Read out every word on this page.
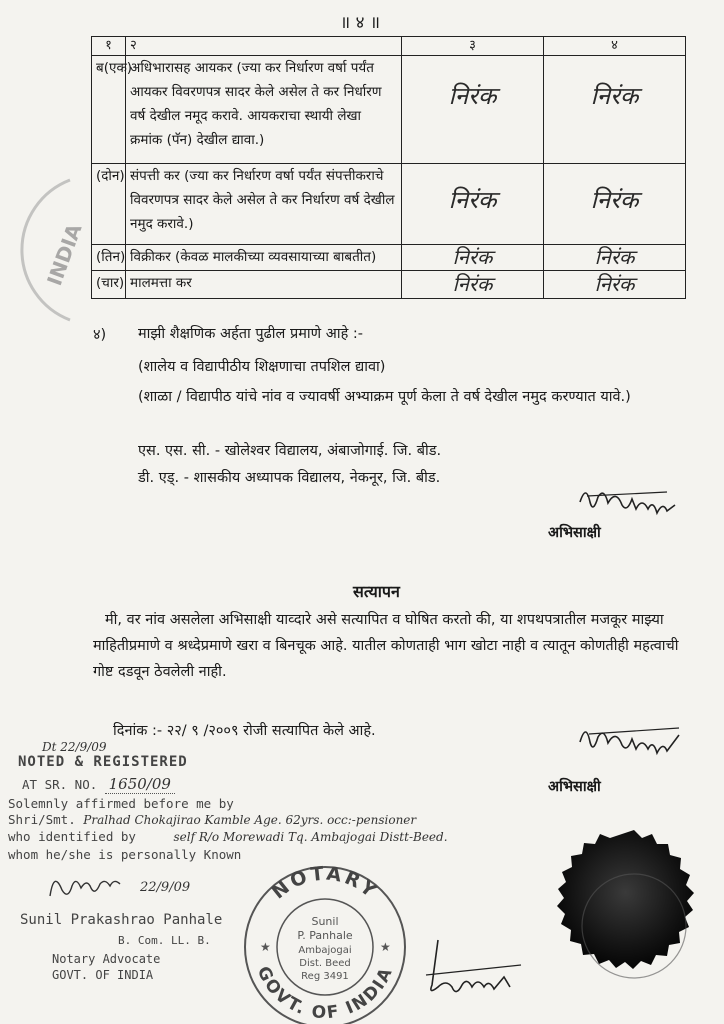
॥ ४ ॥
१	२	३	४
ब(एक)	अधिभारासह आयकर (ज्या कर निर्धारण वर्षा पर्यंत आयकर विवरणपत्र सादर केले असेल ते कर निर्धारण वर्ष देखील नमूद करावे. आयकराचा स्थायी लेखा क्रमांक (पॅन) देखील द्यावा.)	निरंक	निरंक

(दोन)	संपत्ती कर (ज्या कर निर्धारण वर्षा पर्यंत संपत्तीकराचे विवरणपत्र सादर केले असेल ते कर निर्धारण वर्ष देखील नमुद करावे.)	निरंक	निरंक

(तिन)	विक्रीकर (केवळ मालकीच्या व्यवसायाच्या बाबतीत)	निरंक	निरंक

(चार)	मालमत्ता कर	निरंक	निरंक
INDIA
४) माझी शैक्षणिक अर्हता पुढील प्रमाणे आहे :-
(शालेय व विद्यापीठीय शिक्षणाचा तपशिल द्यावा)
(शाळा / विद्यापीठ यांचे नांव व ज्यावर्षी अभ्याक्रम पूर्ण केला ते वर्ष देखील नमुद करण्यात यावे.)
एस. एस. सी. - खोलेश्वर विद्यालय, अंबाजोगाई. जि. बीड.
डी. एड्. - शासकीय अध्यापक विद्यालय, नेकनूर, जि. बीड.
अभिसाक्षी
सत्यापन

मी, वर नांव असलेला अभिसाक्षी याव्दारे असे सत्यापित व घोषित करतो की, या शपथपत्रातील मजकूर माझ्या माहितीप्रमाणे व श्रध्देप्रमाणे खरा व बिनचूक आहे. यातील कोणताही भाग खोटा नाही व त्यातून कोणतीही महत्वाची गोष्ट दडवून ठेवलेली नाही.

दिनांक :- २२/ ९ /२००९ रोजी सत्यापित केले आहे.
अभिसाक्षी
Dt 22/9/09
NOTED & REGISTERED
AT SR. NO. 1650/09
Solemnly affirmed before me by
Shri/Smt. Pralhad Chokajirao Kamble Age. 62yrs. occ:-pensioner
who identified by	self R/o Morewadi Tq. Ambajogai Distt-Beed.
whom he/she is personally Known
22/9/09
Sunil Prakashrao Panhale
B. Com. LL. B.
Notary Advocate
GOVT. OF INDIA
NOTARY
GOVT. OF INDIA
Sunil
P. Panhale
Ambajogai
Dist. Beed
Reg 3491
★	★
